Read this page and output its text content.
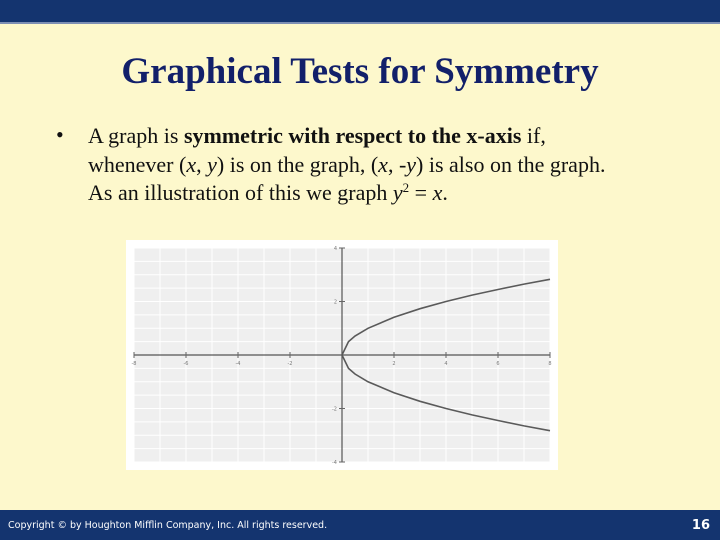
Graphical Tests for Symmetry
• A graph is symmetric with respect to the x-axis if,
whenever (x, y) is on the graph, (x, -y) is also on the graph.
As an illustration of this we graph $y^2 = x$.
-8	-6	-4	-2	2	4	6	8
-4
-2
2
4
Copyright © by Houghton Mifflin Company, Inc. All rights reserved.	16
